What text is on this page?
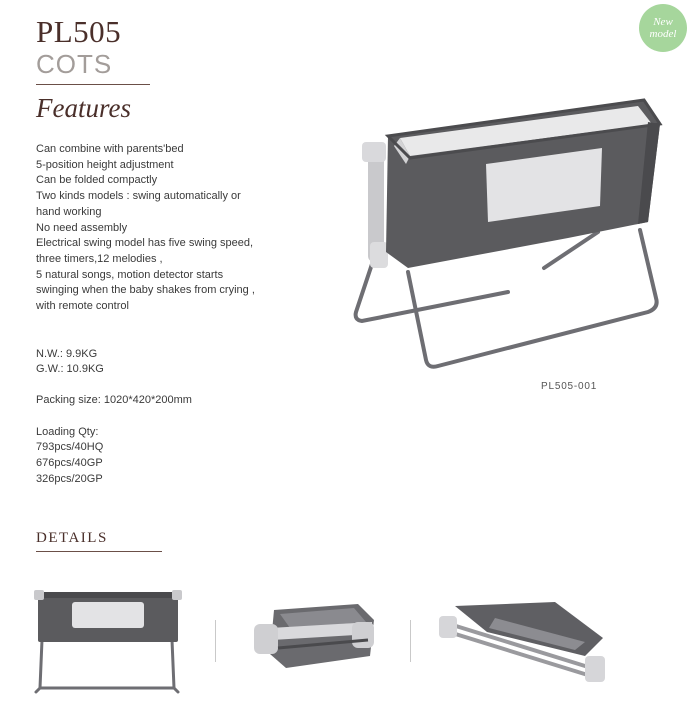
PL505
COTS
Features
New
model
Can combine with parents'bed
5-position height adjustment
Can be folded compactly
Two kinds models : swing automatically or
hand working
No need assembly
Electrical swing model has five swing speed,
three timers,12 melodies ,
5 natural songs, motion detector starts
swinging when the baby shakes from crying ,
with remote control
N.W.: 9.9KG
G.W.: 10.9KG
Packing size: 1020*420*200mm
Loading Qty:
793pcs/40HQ
676pcs/40GP
326pcs/20GP
PL505-001
DETAILS
